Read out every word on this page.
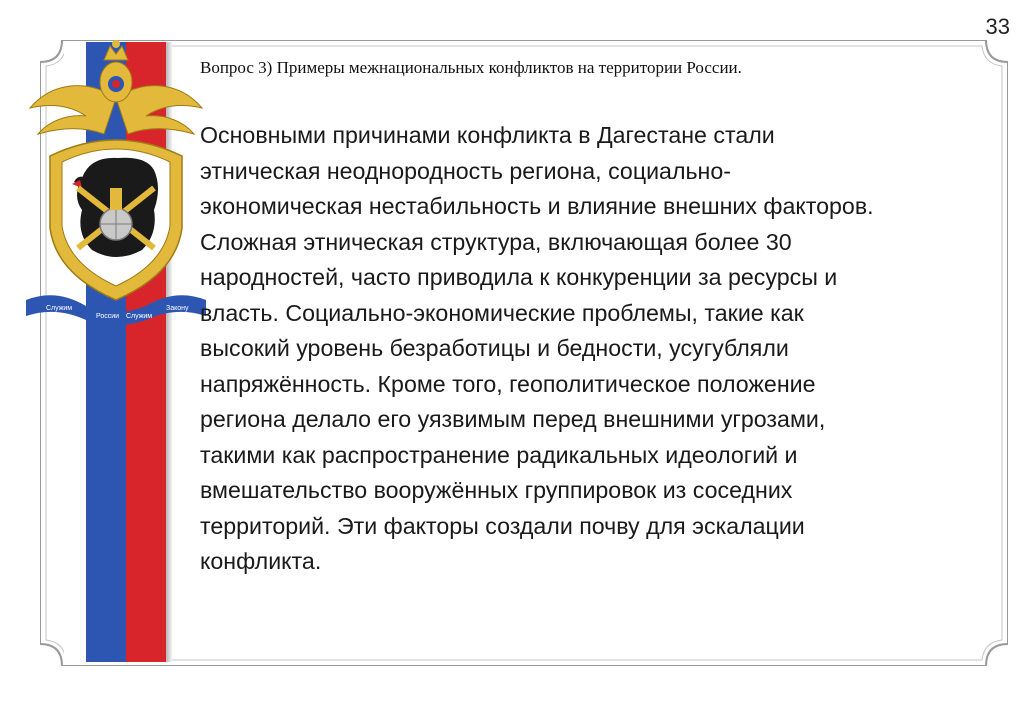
33
Служим
России Служим
Закону
Вопрос 3) Примеры межнациональных конфликтов на территории России.
Основными причинами конфликта в Дагестане стали
этническая неоднородность региона, социально-
экономическая нестабильность и влияние внешних факторов.
Сложная этническая структура, включающая более 30
народностей, часто приводила к конкуренции за ресурсы и
власть. Социально-экономические проблемы, такие как
высокий уровень безработицы и бедности, усугубляли
напряжённость. Кроме того, геополитическое положение
региона делало его уязвимым перед внешними угрозами,
такими как распространение радикальных идеологий и
вмешательство вооружённых группировок из соседних
территорий. Эти факторы создали почву для эскалации
конфликта.
